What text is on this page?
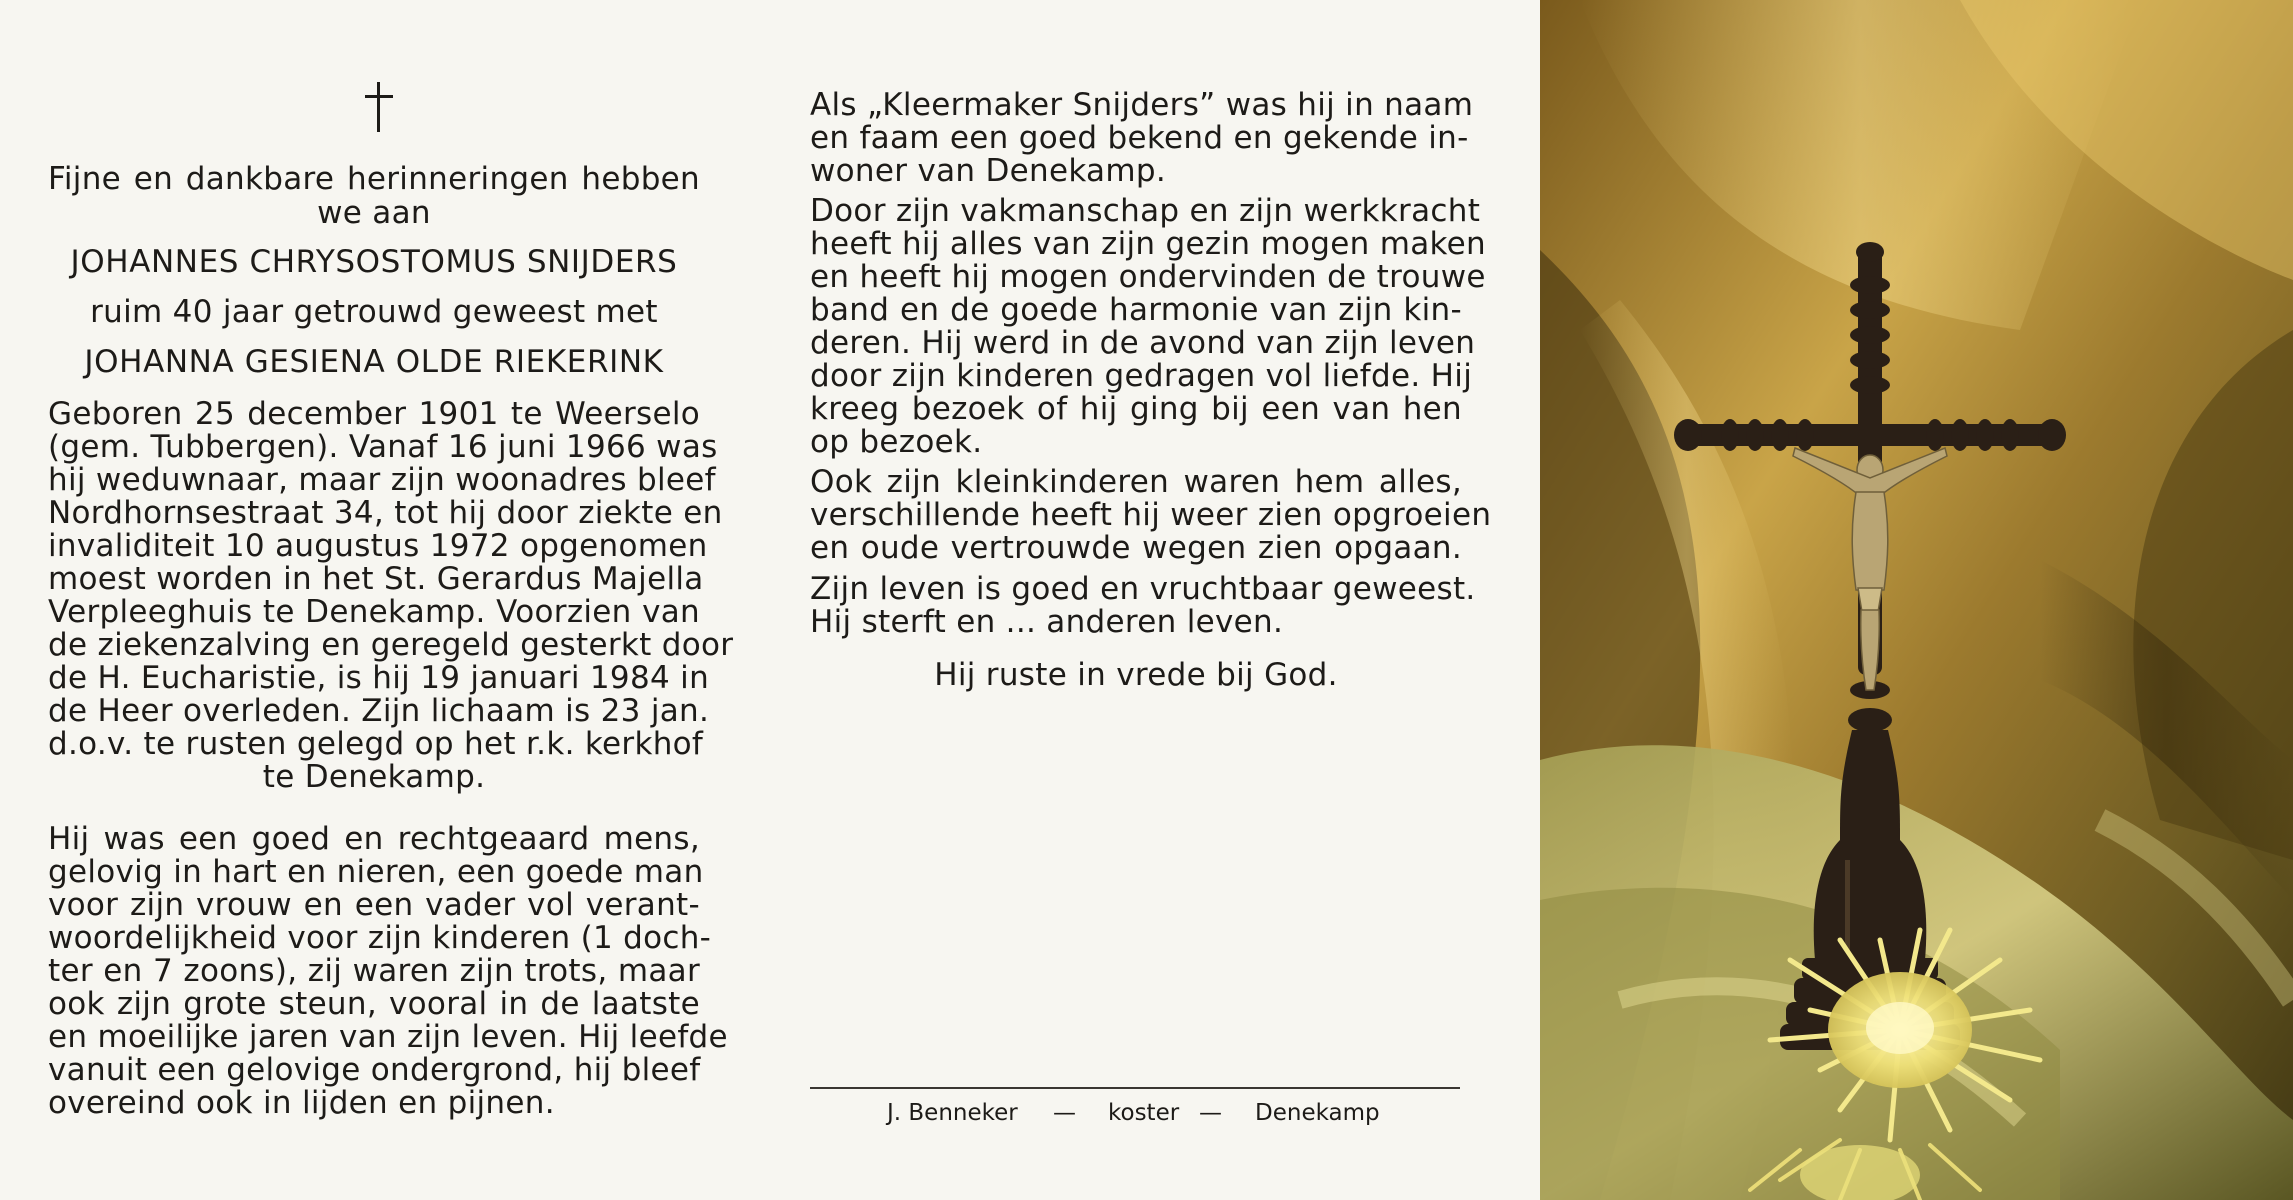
Fijne en dankbare herinneringen hebben
we aan
JOHANNES CHRYSOSTOMUS SNIJDERS
ruim 40 jaar getrouwd geweest met
JOHANNA GESIENA OLDE RIEKERINK
Geboren 25 december 1901 te Weerselo
(gem. Tubbergen). Vanaf 16 juni 1966 was
hij weduwnaar, maar zijn woonadres bleef
Nordhornsestraat 34, tot hij door ziekte en
invaliditeit 10 augustus 1972 opgenomen
moest worden in het St. Gerardus Majella
Verpleeghuis te Denekamp. Voorzien van
de ziekenzalving en geregeld gesterkt door
de H. Eucharistie, is hij 19 januari 1984 in
de Heer overleden. Zijn lichaam is 23 jan.
d.o.v. te rusten gelegd op het r.k. kerkhof
te Denekamp.
Hij was een goed en rechtgeaard mens,
gelovig in hart en nieren, een goede man
voor zijn vrouw en een vader vol verant-
woordelijkheid voor zijn kinderen (1 doch-
ter en 7 zoons), zij waren zijn trots, maar
ook zijn grote steun, vooral in de laatste
en moeilijke jaren van zijn leven. Hij leefde
vanuit een gelovige ondergrond, hij bleef
overeind ook in lijden en pijnen.
Als „Kleermaker Snijders” was hij in naam
en faam een goed bekend en gekende in-
woner van Denekamp.
Door zijn vakmanschap en zijn werkkracht
heeft hij alles van zijn gezin mogen maken
en heeft hij mogen ondervinden de trouwe
band en de goede harmonie van zijn kin-
deren. Hij werd in de avond van zijn leven
door zijn kinderen gedragen vol liefde. Hij
kreeg bezoek of hij ging bij een van hen
op bezoek.
Ook zijn kleinkinderen waren hem alles,
verschillende heeft hij weer zien opgroeien
en oude vertrouwde wegen zien opgaan.
Zijn leven is goed en vruchtbaar geweest.
Hij sterft en ... anderen leven.
Hij ruste in vrede bij God.
J. Benneker — koster — Denekamp
